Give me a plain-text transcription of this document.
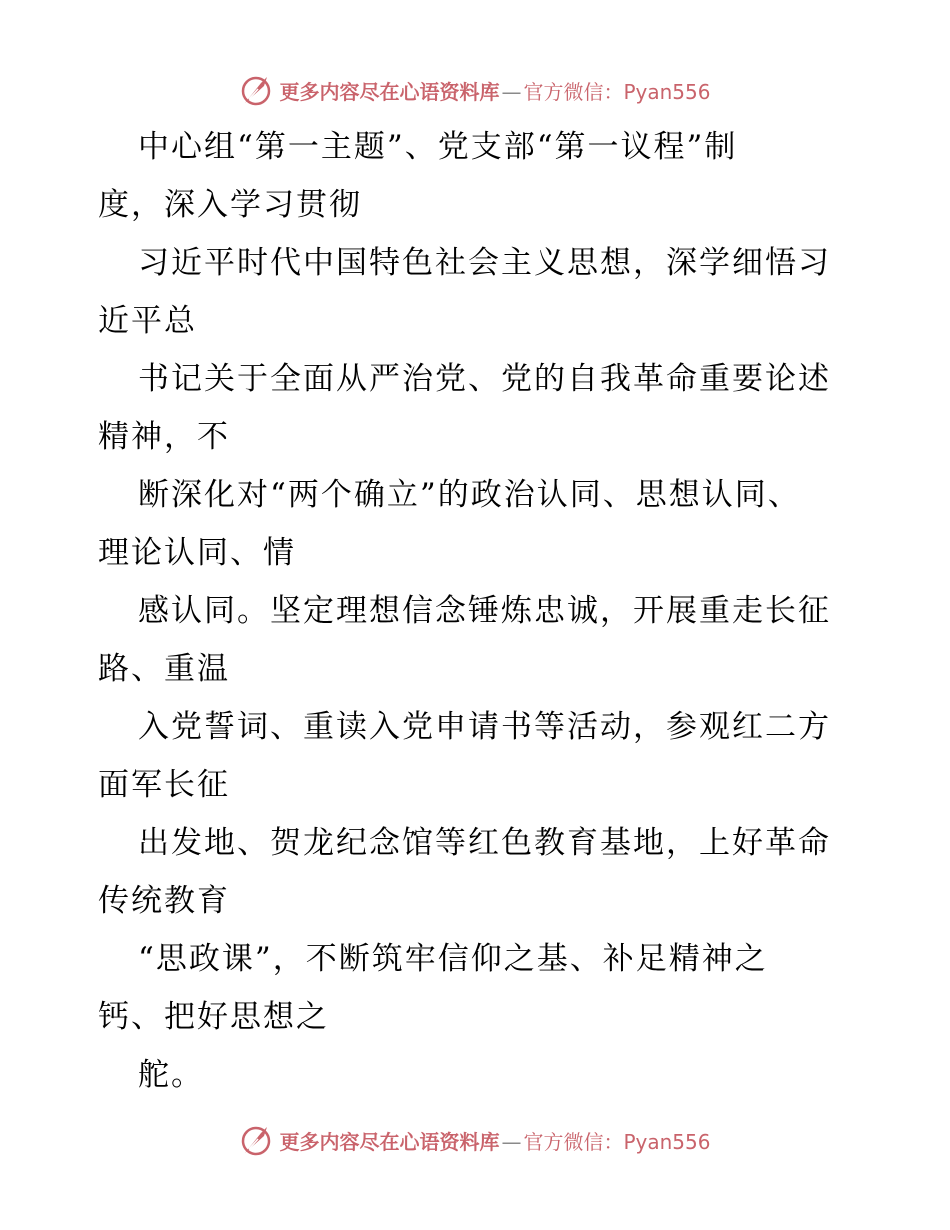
更多内容尽在心语资料库 — 官方微信：Pyan556
中心组“第一主题”、党支部“第一议程”制
度，深入学习贯彻
习近平时代中国特色社会主义思想，深学细悟习
近平总
书记关于全面从严治党、党的自我革命重要论述
精神，不
断深化对“两个确立”的政治认同、思想认同、
理论认同、情
感认同。坚定理想信念锤炼忠诚，开展重走长征
路、重温
入党誓词、重读入党申请书等活动，参观红二方
面军长征
出发地、贺龙纪念馆等红色教育基地，上好革命
传统教育
“思政课”，不断筑牢信仰之基、补足精神之
钙、把好思想之
舵。
更多内容尽在心语资料库 — 官方微信：Pyan556
